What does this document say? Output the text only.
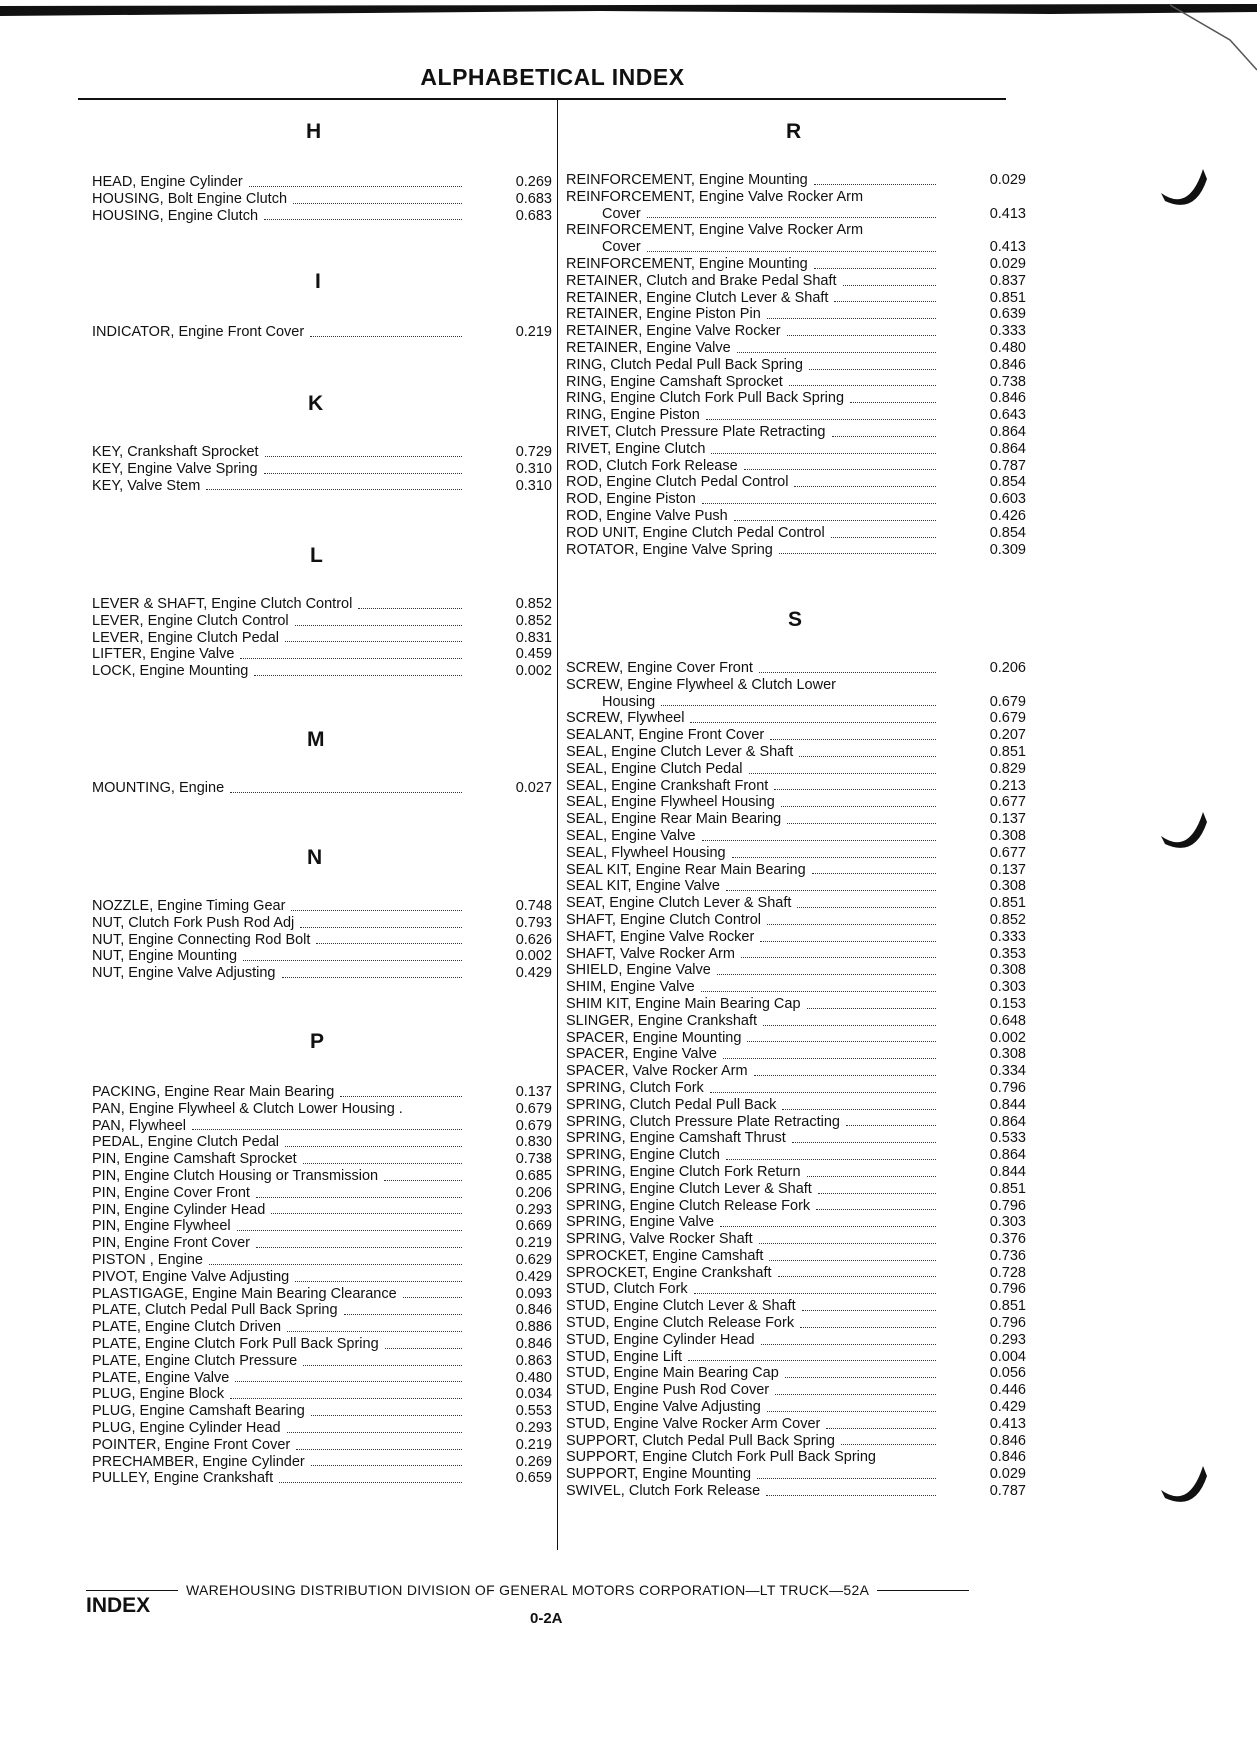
ALPHABETICAL INDEX
H
HEAD, Engine Cylinder	0.269
HOUSING, Bolt Engine Clutch	0.683
HOUSING, Engine Clutch	0.683
I
INDICATOR, Engine Front Cover	0.219
K
KEY, Crankshaft Sprocket	0.729
KEY, Engine Valve Spring	0.310
KEY, Valve Stem	0.310
L
LEVER & SHAFT, Engine Clutch Control	0.852
LEVER, Engine Clutch Control	0.852
LEVER, Engine Clutch Pedal	0.831
LIFTER, Engine Valve	0.459
LOCK, Engine Mounting	0.002
M
MOUNTING, Engine	0.027
N
NOZZLE, Engine Timing Gear	0.748
NUT, Clutch Fork Push Rod Adj	0.793
NUT, Engine Connecting Rod Bolt	0.626
NUT, Engine Mounting	0.002
NUT, Engine Valve Adjusting	0.429
P
PACKING, Engine Rear Main Bearing	0.137
PAN, Engine Flywheel & Clutch Lower Housing .	0.679
PAN, Flywheel	0.679
PEDAL, Engine Clutch Pedal	0.830
PIN, Engine Camshaft Sprocket	0.738
PIN, Engine Clutch Housing or Transmission	0.685
PIN, Engine Cover Front	0.206
PIN, Engine Cylinder Head	0.293
PIN, Engine Flywheel	0.669
PIN, Engine Front Cover	0.219
PISTON , Engine	0.629
PIVOT, Engine Valve Adjusting	0.429
PLASTIGAGE, Engine Main Bearing Clearance	0.093
PLATE, Clutch Pedal Pull Back Spring	0.846
PLATE, Engine Clutch Driven	0.886
PLATE, Engine Clutch Fork Pull Back Spring	0.846
PLATE, Engine Clutch Pressure	0.863
PLATE, Engine Valve	0.480
PLUG, Engine Block	0.034
PLUG, Engine Camshaft Bearing	0.553
PLUG, Engine Cylinder Head	0.293
POINTER, Engine Front Cover	0.219
PRECHAMBER, Engine Cylinder	0.269
PULLEY, Engine Crankshaft	0.659
R
REINFORCEMENT, Engine Mounting	0.029
REINFORCEMENT, Engine Valve Rocker Arm
Cover	0.413
REINFORCEMENT, Engine Valve Rocker Arm
Cover	0.413
REINFORCEMENT, Engine Mounting	0.029
RETAINER, Clutch and Brake Pedal Shaft	0.837
RETAINER, Engine Clutch Lever & Shaft	0.851
RETAINER, Engine Piston Pin	0.639
RETAINER, Engine Valve Rocker	0.333
RETAINER, Engine Valve	0.480
RING, Clutch Pedal Pull Back Spring	0.846
RING, Engine Camshaft Sprocket	0.738
RING, Engine Clutch Fork Pull Back Spring	0.846
RING, Engine Piston	0.643
RIVET, Clutch Pressure Plate Retracting	0.864
RIVET, Engine Clutch	0.864
ROD, Clutch Fork Release	0.787
ROD, Engine Clutch Pedal Control	0.854
ROD, Engine Piston	0.603
ROD, Engine Valve Push	0.426
ROD UNIT, Engine Clutch Pedal Control	0.854
ROTATOR, Engine Valve Spring	0.309
S
SCREW, Engine Cover Front	0.206
SCREW, Engine Flywheel & Clutch Lower
Housing	0.679
SCREW, Flywheel	0.679
SEALANT, Engine Front Cover	0.207
SEAL, Engine Clutch Lever & Shaft	0.851
SEAL, Engine Clutch Pedal	0.829
SEAL, Engine Crankshaft Front	0.213
SEAL, Engine Flywheel Housing	0.677
SEAL, Engine Rear Main Bearing	0.137
SEAL, Engine Valve	0.308
SEAL, Flywheel Housing	0.677
SEAL KIT, Engine Rear Main Bearing	0.137
SEAL KIT, Engine Valve	0.308
SEAT, Engine Clutch Lever & Shaft	0.851
SHAFT, Engine Clutch Control	0.852
SHAFT, Engine Valve Rocker	0.333
SHAFT, Valve Rocker Arm	0.353
SHIELD, Engine Valve	0.308
SHIM, Engine Valve	0.303
SHIM KIT, Engine Main Bearing Cap	0.153
SLINGER, Engine Crankshaft	0.648
SPACER, Engine Mounting	0.002
SPACER, Engine Valve	0.308
SPACER, Valve Rocker Arm	0.334
SPRING, Clutch Fork	0.796
SPRING, Clutch Pedal Pull Back	0.844
SPRING, Clutch Pressure Plate Retracting	0.864
SPRING, Engine Camshaft Thrust	0.533
SPRING, Engine Clutch	0.864
SPRING, Engine Clutch Fork Return	0.844
SPRING, Engine Clutch Lever & Shaft	0.851
SPRING, Engine Clutch Release Fork	0.796
SPRING, Engine Valve	0.303
SPRING, Valve Rocker Shaft	0.376
SPROCKET, Engine Camshaft	0.736
SPROCKET, Engine Crankshaft	0.728
STUD, Clutch Fork	0.796
STUD, Engine Clutch Lever & Shaft	0.851
STUD, Engine Clutch Release Fork	0.796
STUD, Engine Cylinder Head	0.293
STUD, Engine Lift	0.004
STUD, Engine Main Bearing Cap	0.056
STUD, Engine Push Rod Cover	0.446
STUD, Engine Valve Adjusting	0.429
STUD, Engine Valve Rocker Arm Cover	0.413
SUPPORT, Clutch Pedal Pull Back Spring	0.846
SUPPORT, Engine Clutch Fork Pull Back Spring	0.846
SUPPORT, Engine Mounting	0.029
SWIVEL, Clutch Fork Release	0.787
WAREHOUSING DISTRIBUTION DIVISION OF GENERAL MOTORS CORPORATION—LT TRUCK—52A
INDEX
0-2A
